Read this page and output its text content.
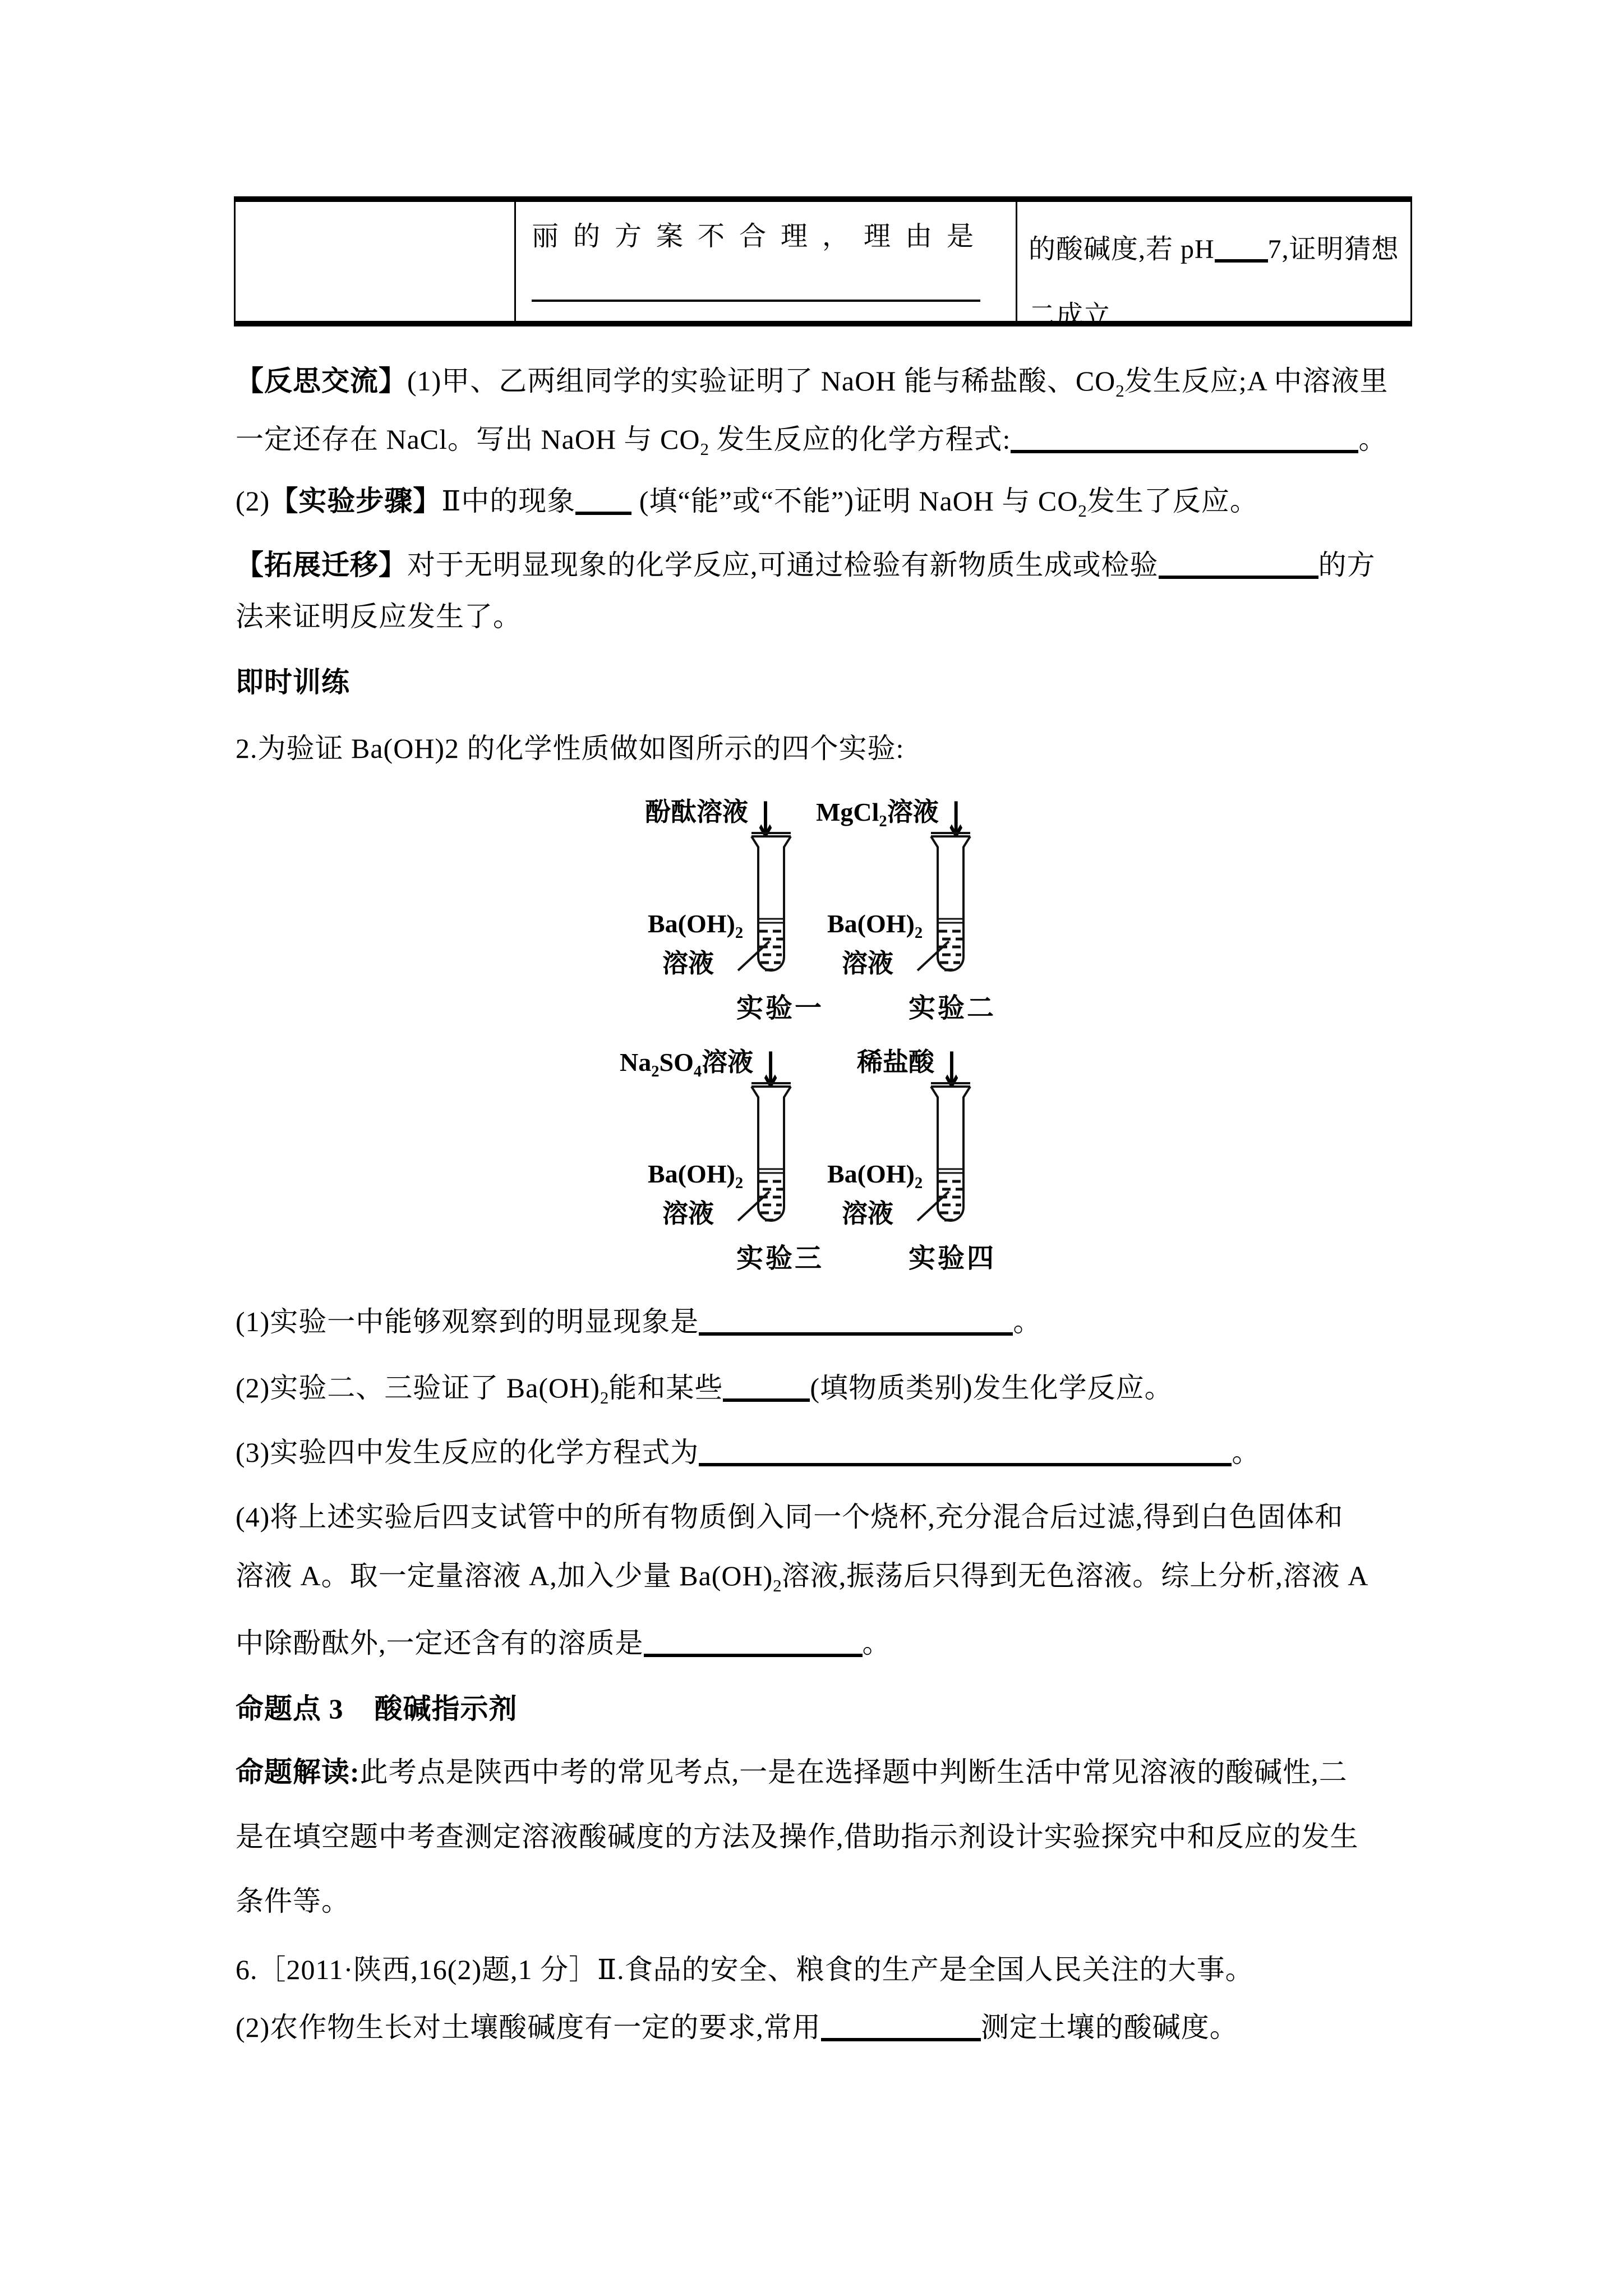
丽的方案不合理，理由是	的酸碱度,若 pH 7,证明猜想二成立
【反思交流】(1)甲、乙两组同学的实验证明了 NaOH 能与稀盐酸、$CO_2$发生反应;A 中溶液里
一定还存在 NaCl。写出 NaOH 与 $CO_2$ 发生反应的化学方程式:	。
(2)【实验步骤】Ⅱ中的现象 (填“能”或“不能”)证明 NaOH 与 $CO_2$发生了反应。
【拓展迁移】对于无明显现象的化学反应,可通过检验有新物质生成或检验	的方
法来证明反应发生了。
即时训练
2.为验证 Ba(OH)2 的化学性质做如图所示的四个实验:
酚酞溶液 ↓ MgCl$_2$溶液 ↓
$Na_2SO_4$溶液 ↓	稀盐酸 ↓
$Ba(OH)_2$
溶液
$Ba(OH)_2$
溶液
$Ba(OH)_2$
溶液
$Ba(OH)_2$
溶液
实验一	实验二
实验三	实验四
(1)实验一中能够观察到的明显现象是	。
(2)实验二、三验证了 $Ba(OH)_2$能和某些	(填物质类别)发生化学反应。
(3)实验四中发生反应的化学方程式为	。
(4)将上述实验后四支试管中的所有物质倒入同一个烧杯,充分混合后过滤,得到白色固体和
溶液 A。取一定量溶液 A,加入少量 $Ba(OH)_2$溶液,振荡后只得到无色溶液。综上分析,溶液 A
中除酚酞外,一定还含有的溶质是	。
命题点 3 酸碱指示剂
命题解读:此考点是陕西中考的常见考点,一是在选择题中判断生活中常见溶液的酸碱性,二
是在填空题中考查测定溶液酸碱度的方法及操作,借助指示剂设计实验探究中和反应的发生
条件等。
6.［2011·陕西,16(2)题,1 分］Ⅱ.食品的安全、粮食的生产是全国人民关注的大事。
(2)农作物生长对土壤酸碱度有一定的要求,常用	测定土壤的酸碱度。
